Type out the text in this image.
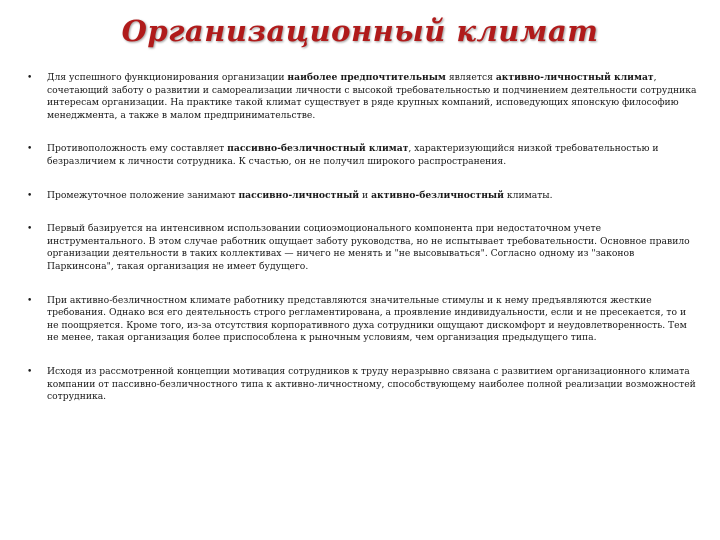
Организационный климат
• Для успешного функционирования организации наиболее предпочтительным является активно-личностный климат, сочетающий заботу о развитии и самореализации личности с высокой требовательностью и подчинением деятельности сотрудника интересам организации. На практике такой климат существует в ряде крупных компаний, исповедующих японскую философию менеджмента, а также в малом предпринимательстве.
• Противоположность ему составляет пассивно-безличностный климат, характеризующийся низкой требовательностью и безразличием к личности сотрудника. К счастью, он не получил широкого распространения.
• Промежуточное положение занимают пассивно-личностный и активно-безличностный климаты.
• Первый базируется на интенсивном использовании социоэмоционального компонента при недостаточном учете инструментального. В этом случае работник ощущает заботу руководства, но не испытывает требовательности. Основное правило организации деятельности в таких коллективах — ничего не менять и "не высовываться". Согласно одному из "законов Паркинсона", такая организация не имеет будущего.
• При активно-безличностном климате работнику представляются значительные стимулы и к нему предъявляются жесткие требования. Однако вся его деятельность строго регламентирована, а проявление индивидуальности, если и не пресекается, то и не поощряется. Кроме того, из-за отсутствия корпоративного духа сотрудники ощущают дискомфорт и неудовлетворенность. Тем не менее, такая организация более приспособлена к рыночным условиям, чем организация предыдущего типа.
• Исходя из рассмотренной концепции мотивация сотрудников к труду неразрывно связана с развитием организационного климата компании от пассивно-безличностного типа к активно-личностному, способствующему наиболее полной реализации возможностей сотрудника.
